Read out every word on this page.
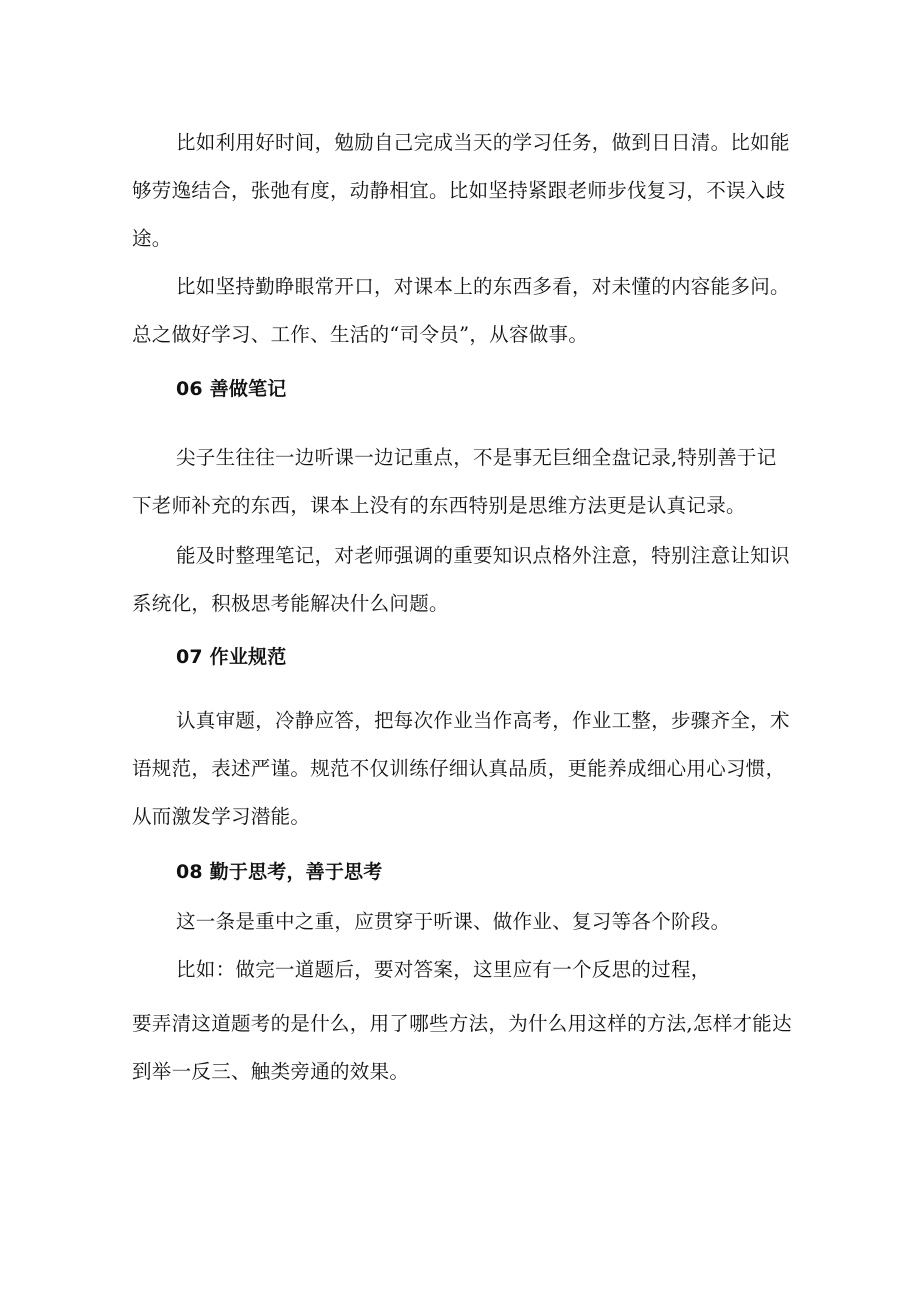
比如利用好时间，勉励自己完成当天的学习任务，做到日日清。比如能够劳逸结合，张弛有度，动静相宜。比如坚持紧跟老师步伐复习，不误入歧途。

比如坚持勤睁眼常开口，对课本上的东西多看，对未懂的内容能多问。总之做好学习、工作、生活的“司令员”，从容做事。

06 善做笔记

尖子生往往一边听课一边记重点，不是事无巨细全盘记录,特别善于记下老师补充的东西，课本上没有的东西特别是思维方法更是认真记录。

能及时整理笔记，对老师强调的重要知识点格外注意，特别注意让知识系统化，积极思考能解决什么问题。

07 作业规范

认真审题，冷静应答，把每次作业当作高考，作业工整，步骤齐全，术语规范，表述严谨。规范不仅训练仔细认真品质，更能养成细心用心习惯，从而激发学习潜能。

08 勤于思考，善于思考

这一条是重中之重，应贯穿于听课、做作业、复习等各个阶段。

比如：做完一道题后，要对答案，这里应有一个反思的过程，

要弄清这道题考的是什么，用了哪些方法，为什么用这样的方法,怎样才能达到举一反三、触类旁通的效果。
